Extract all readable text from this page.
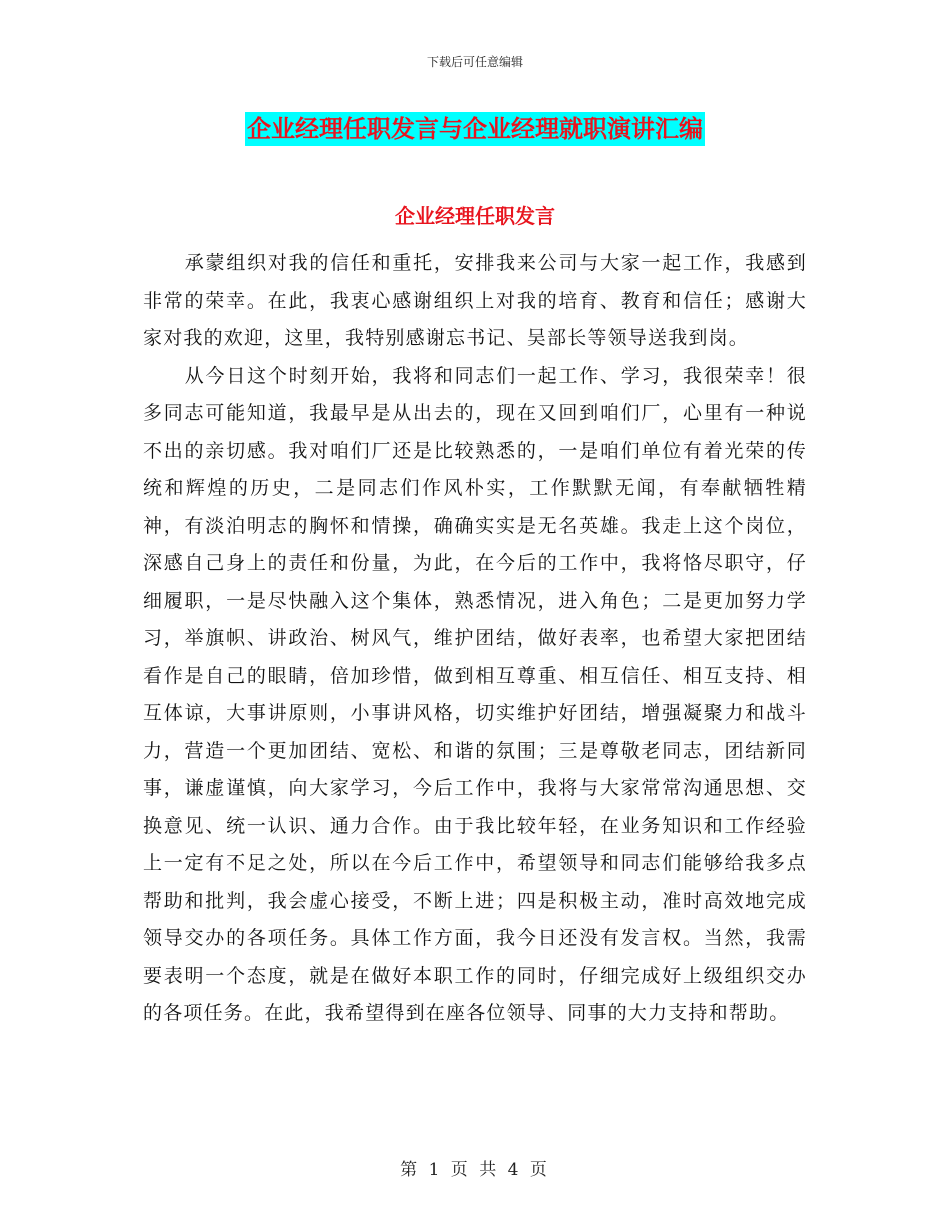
下载后可任意编辑
企业经理任职发言与企业经理就职演讲汇编
企业经理任职发言

承蒙组织对我的信任和重托，安排我来公司与大家一起工作，我感到非常的荣幸。在此，我衷心感谢组织上对我的培育、教育和信任；感谢大家对我的欢迎，这里，我特别感谢忘书记、吴部长等领导送我到岗。

从今日这个时刻开始，我将和同志们一起工作、学习，我很荣幸！很多同志可能知道，我最早是从出去的，现在又回到咱们厂，心里有一种说不出的亲切感。我对咱们厂还是比较熟悉的，一是咱们单位有着光荣的传统和辉煌的历史，二是同志们作风朴实，工作默默无闻，有奉献牺牲精神，有淡泊明志的胸怀和情操，确确实实是无名英雄。我走上这个岗位，深感自己身上的责任和份量，为此，在今后的工作中，我将恪尽职守，仔细履职，一是尽快融入这个集体，熟悉情况，进入角色；二是更加努力学习，举旗帜、讲政治、树风气，维护团结，做好表率，也希望大家把团结看作是自己的眼睛，倍加珍惜，做到相互尊重、相互信任、相互支持、相互体谅，大事讲原则，小事讲风格，切实维护好团结，增强凝聚力和战斗力，营造一个更加团结、宽松、和谐的氛围；三是尊敬老同志，团结新同事，谦虚谨慎，向大家学习，今后工作中，我将与大家常常沟通思想、交换意见、统一认识、通力合作。由于我比较年轻，在业务知识和工作经验上一定有不足之处，所以在今后工作中，希望领导和同志们能够给我多点帮助和批判，我会虚心接受，不断上进；四是积极主动，准时高效地完成领导交办的各项任务。具体工作方面，我今日还没有发言权。当然，我需要表明一个态度，就是在做好本职工作的同时，仔细完成好上级组织交办的各项任务。在此，我希望得到在座各位领导、同事的大力支持和帮助。

第 1 页 共 4 页
